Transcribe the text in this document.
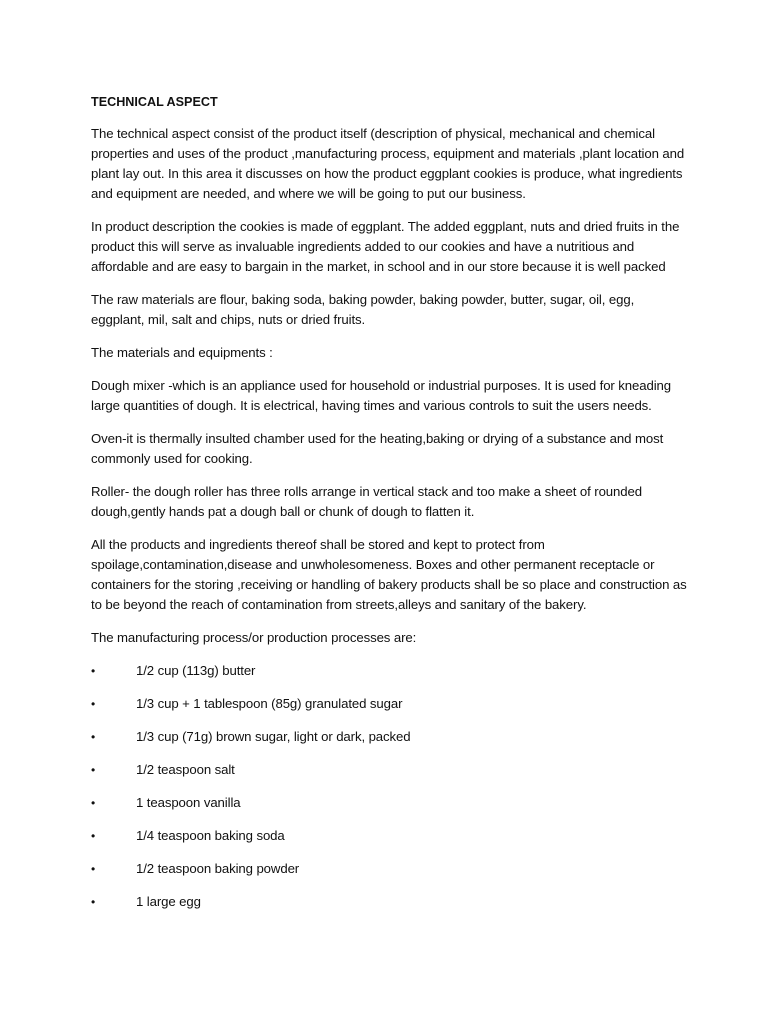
TECHNICAL ASPECT

The technical aspect consist of the product itself (description of physical, mechanical and chemical properties and uses of the product ,manufacturing process, equipment and materials ,plant location and plant lay out. In this area it discusses on how the product eggplant cookies is produce, what ingredients and equipment are needed, and where we will be going to put our business.

In product description the cookies is made of eggplant. The added eggplant, nuts and dried fruits in the product this will serve as invaluable ingredients added to our cookies and have a nutritious and affordable and are easy to bargain in the market, in school and in our store because it is well packed

The raw materials are flour, baking soda, baking powder, baking powder, butter, sugar, oil, egg, eggplant, mil, salt and chips, nuts or dried fruits.

The materials and equipments :

Dough mixer -which is an appliance used for household or industrial purposes. It is used for kneading large quantities of dough. It is electrical, having times and various controls to suit the users needs.

Oven-it is thermally insulted chamber used for the heating,baking or drying of a substance and most commonly used for cooking.

Roller- the dough roller has three rolls arrange in vertical stack and too make a sheet of rounded dough,gently hands pat a dough ball or chunk of dough to flatten it.

All the products and ingredients thereof shall be stored and kept to protect from spoilage,contamination,disease and unwholesomeness. Boxes and other permanent receptacle or containers for the storing ,receiving or handling of bakery products shall be so place and construction as to be beyond the reach of contamination from streets,alleys and sanitary of the bakery.

The manufacturing process/or production processes are:

•	1/2 cup (113g) butter
•	1/3 cup + 1 tablespoon (85g) granulated sugar
•	1/3 cup (71g) brown sugar, light or dark, packed
•	1/2 teaspoon salt
•	1 teaspoon vanilla
•	1/4 teaspoon baking soda
•	1/2 teaspoon baking powder
•	1 large egg
